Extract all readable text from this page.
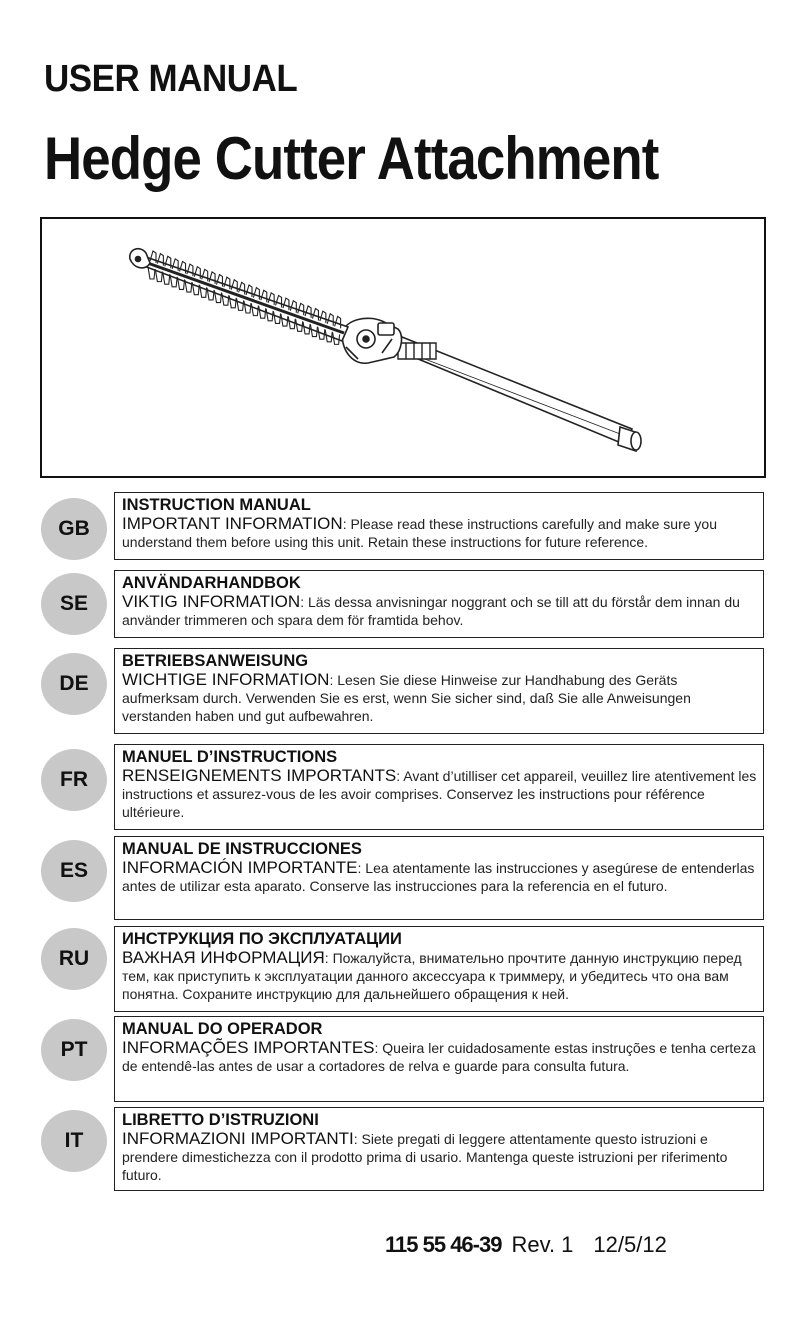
USER MANUAL
Hedge Cutter Attachment
GB
INSTRUCTION MANUAL
IMPORTANT INFORMATION: Please read these instructions carefully and make sure you understand them before using this unit. Retain these instructions for future reference.
SE
ANVÄNDARHANDBOK
VIKTIG INFORMATION: Läs dessa anvisningar noggrant och se till att du förstår dem innan du använder trimmeren och spara dem för framtida behov.
DE
BETRIEBSANWEISUNG
WICHTIGE INFORMATION: Lesen Sie diese Hinweise zur Handhabung des Geräts aufmerksam durch. Verwenden Sie es erst, wenn Sie sicher sind, daß Sie alle Anweisungen verstanden haben und gut aufbewahren.
FR
MANUEL D’INSTRUCTIONS
RENSEIGNEMENTS IMPORTANTS: Avant d’utilliser cet appareil, veuillez lire atentivement les instructions et assurez-vous de les avoir comprises. Conservez les instructions pour référence ultérieure.
ES
MANUAL DE INSTRUCCIONES
INFORMACIÓN IMPORTANTE: Lea atentamente las instrucciones y asegúrese de entenderlas antes de utilizar esta aparato. Conserve las instrucciones para la referencia en el futuro.
RU
ИНСТРУКЦИЯ ПО ЭКСПЛУАТАЦИИ
ВАЖНАЯ ИНФОРМАЦИЯ: Пожалуйста, внимательно прочтите данную инструкцию перед тем, как приступить к эксплуатации данного аксессуара к триммеру, и убедитесь что она вам понятна. Сохраните инструкцию для дальнейшего обращения к ней.
PT
MANUAL DO OPERADOR
INFORMAÇÕES IMPORTANTES: Queira ler cuidadosamente estas instruções e tenha certeza de entendê-las antes de usar a cortadores de relva e guarde para consulta futura.
IT
LIBRETTO D’ISTRUZIONI
INFORMAZIONI IMPORTANTI: Siete pregati di leggere attentamente questo istruzioni e prendere dimestichezza con il prodotto prima di usario. Mantenga queste istruzioni per riferimento futuro.
115 55 46-39 Rev. 1 12/5/12
